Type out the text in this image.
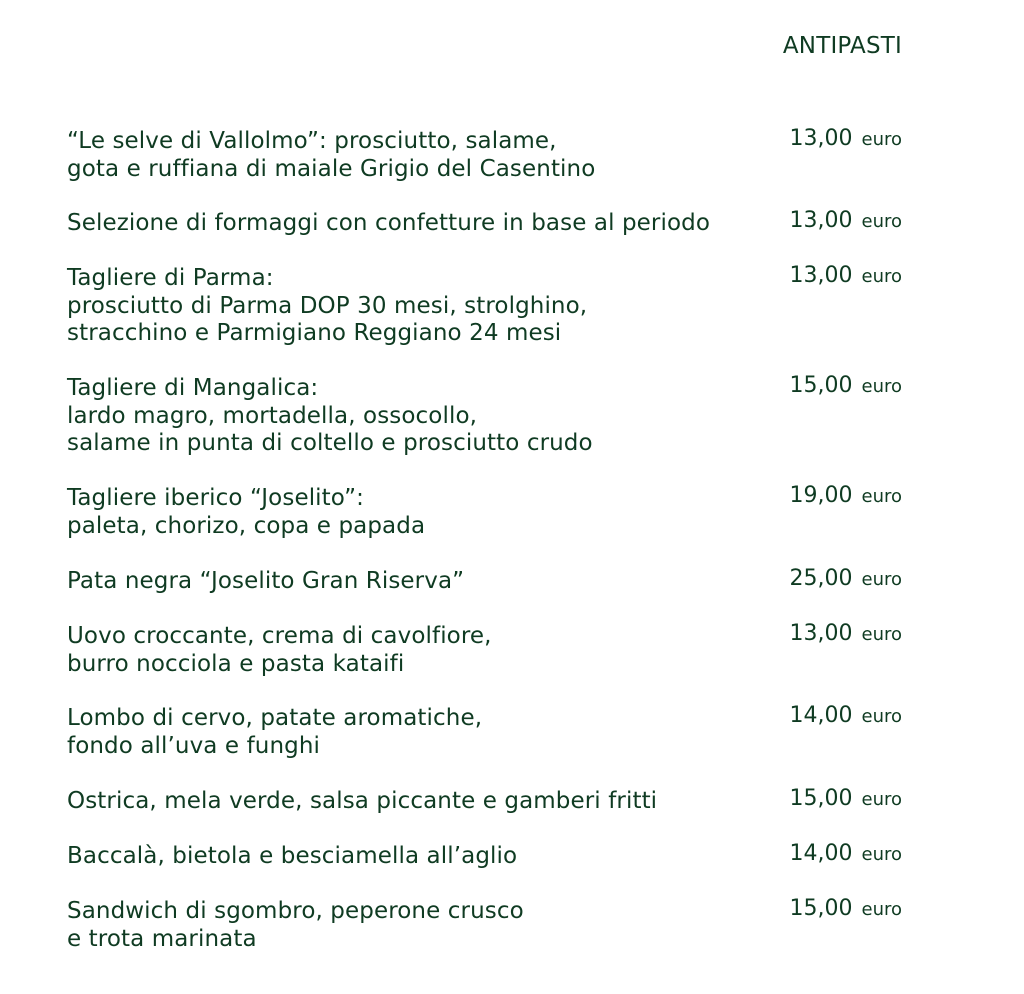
ANTIPASTI
“Le selve di Vallolmo”: prosciutto, salame,
gota e ruffiana di maiale Grigio del Casentino
13,00 euro
Selezione di formaggi con confetture in base al periodo	13,00 euro
Tagliere di Parma:
prosciutto di Parma DOP 30 mesi, strolghino,
stracchino e Parmigiano Reggiano 24 mesi
13,00 euro
Tagliere di Mangalica:
lardo magro, mortadella, ossocollo,
salame in punta di coltello e prosciutto crudo
15,00 euro
Tagliere iberico “Joselito”:
paleta, chorizo, copa e papada
19,00 euro
Pata negra “Joselito Gran Riserva”	25,00 euro
Uovo croccante, crema di cavolfiore,
burro nocciola e pasta kataifi
13,00 euro
Lombo di cervo, patate aromatiche,
fondo all’uva e funghi
14,00 euro
Ostrica, mela verde, salsa piccante e gamberi fritti	15,00 euro
Baccalà, bietola e besciamella all’aglio	14,00 euro
Sandwich di sgombro, peperone crusco
e trota marinata
15,00 euro
